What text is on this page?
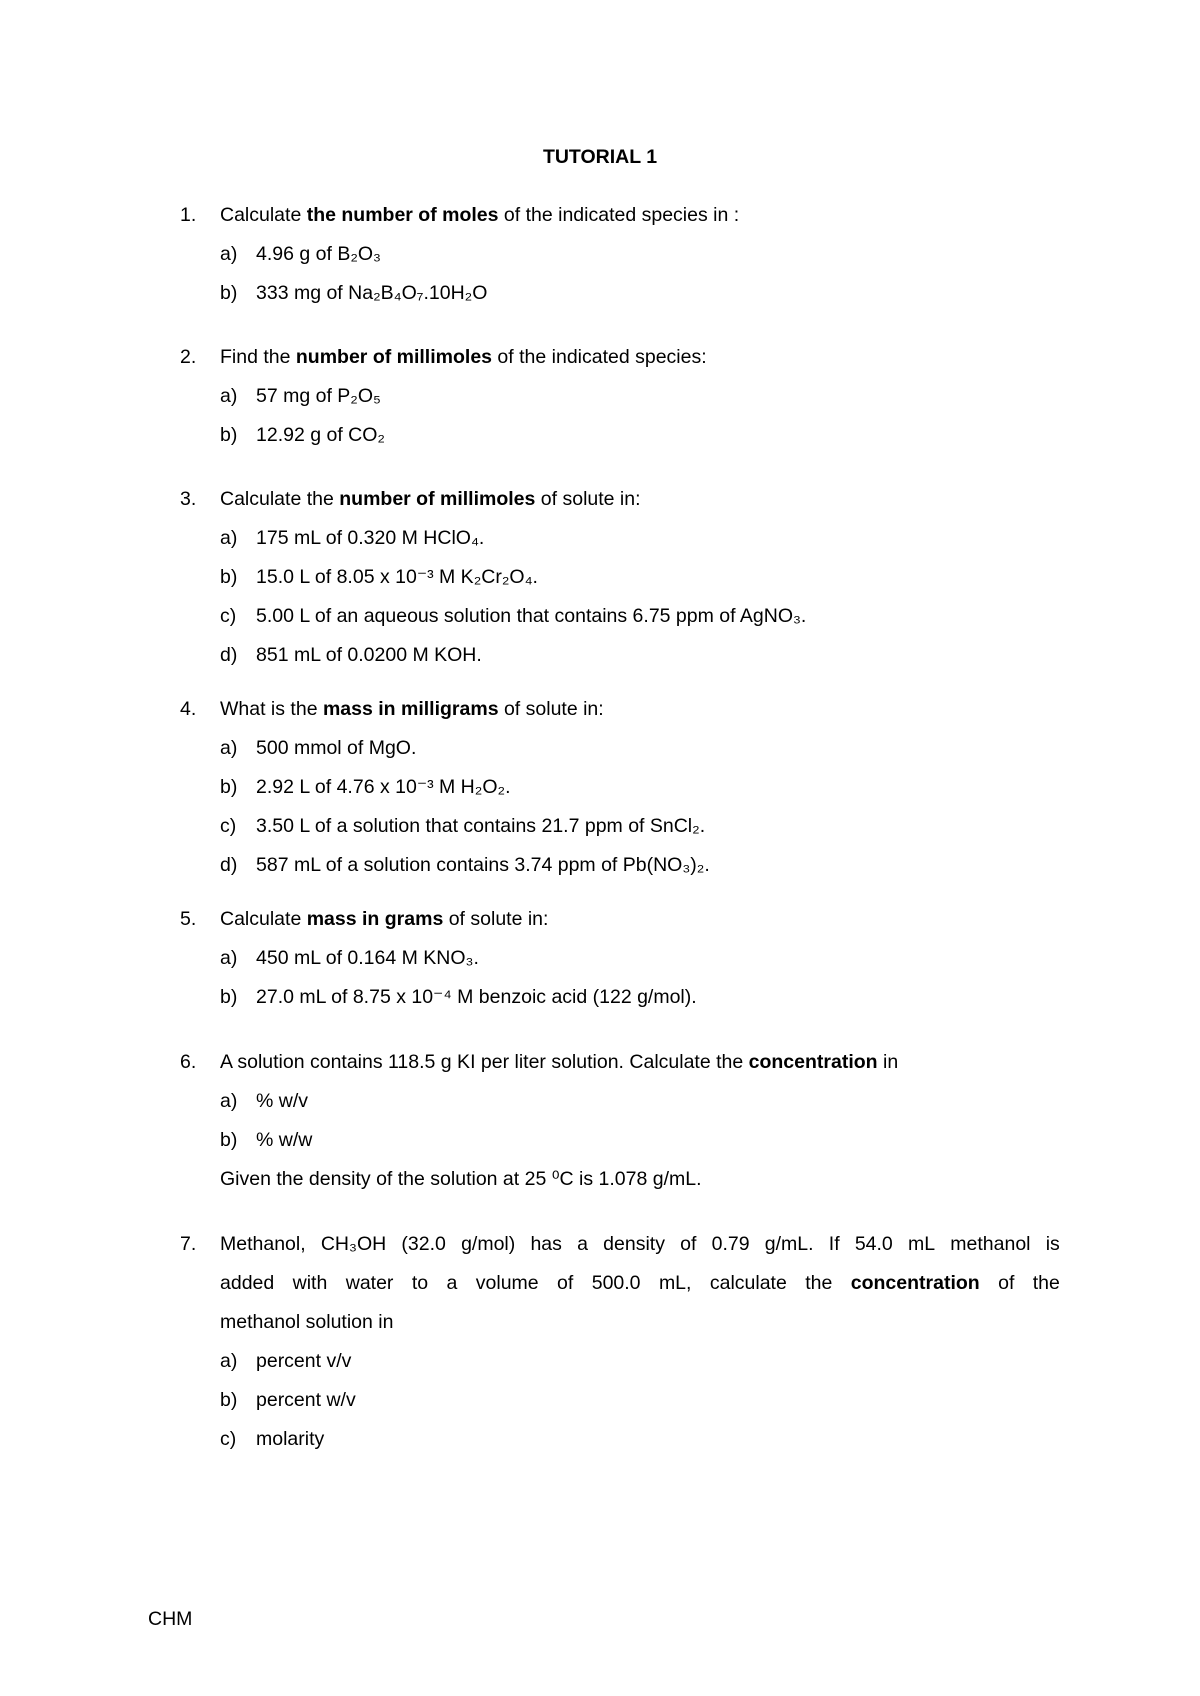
TUTORIAL 1
1.	Calculate the number of moles of the indicated species in :
a) 4.96 g of B₂O₃
b) 333 mg of Na₂B₄O₇.10H₂O
2.	Find the number of millimoles of the indicated species:
a) 57 mg of P₂O₅
b) 12.92 g of CO₂
3.	Calculate the number of millimoles of solute in:
a) 175 mL of 0.320 M HClO₄.
b) 15.0 L of 8.05 x 10⁻³ M K₂Cr₂O₄.
c) 5.00 L of an aqueous solution that contains 6.75 ppm of AgNO₃.
d) 851 mL of 0.0200 M KOH.
4.	What is the mass in milligrams of solute in:
a) 500 mmol of MgO.
b) 2.92 L of 4.76 x 10⁻³ M H₂O₂.
c) 3.50 L of a solution that contains 21.7 ppm of SnCl₂.
d) 587 mL of a solution contains 3.74 ppm of Pb(NO₃)₂.
5.	Calculate mass in grams of solute in:
a) 450 mL of 0.164 M KNO₃.
b) 27.0 mL of 8.75 x 10⁻⁴ M benzoic acid (122 g/mol).
6.	A solution contains 118.5 g KI per liter solution. Calculate the concentration in
a) % w/v
b) % w/w
Given the density of the solution at 25 ⁰C is 1.078 g/mL.
7.	Methanol, CH₃OH (32.0 g/mol) has a density of 0.79 g/mL. If 54.0 mL methanol is
added with water to a volume of 500.0 mL, calculate the concentration of the
methanol solution in
a) percent v/v
b) percent w/v
c) molarity
CHM
